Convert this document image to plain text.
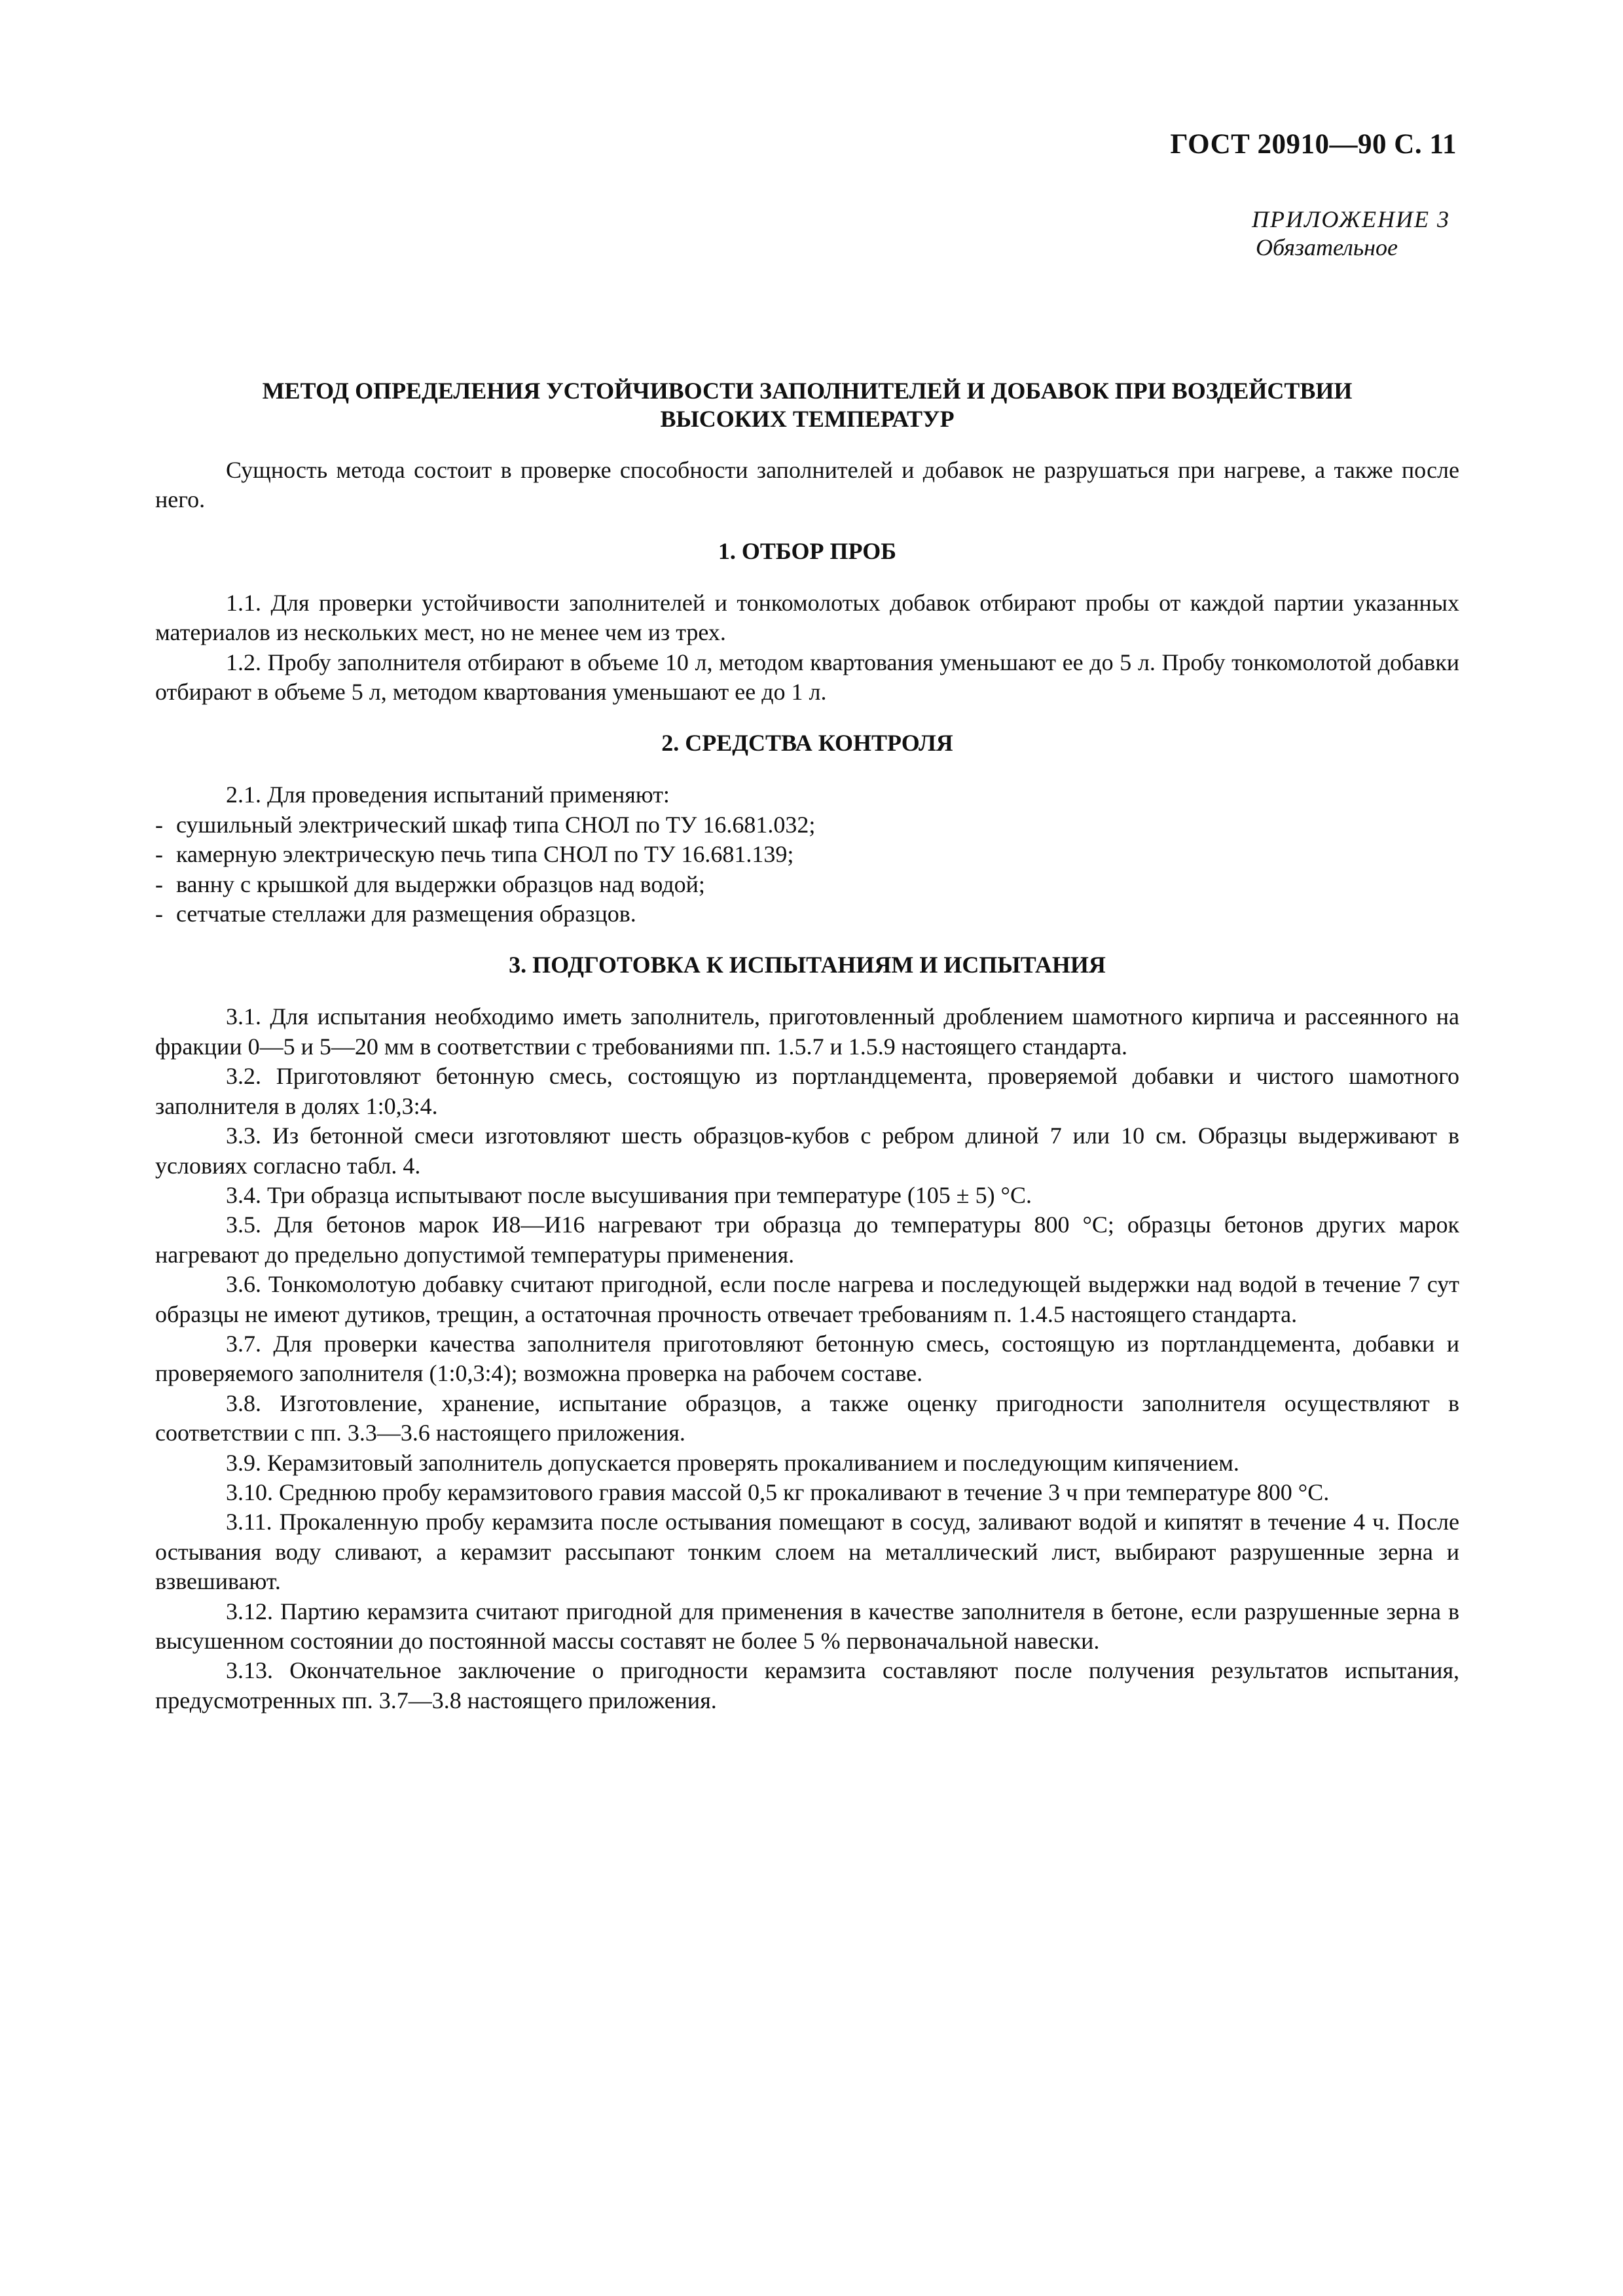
ГОСТ 20910—90 С. 11
ПРИЛОЖЕНИЕ 3
Обязательное
МЕТОД ОПРЕДЕЛЕНИЯ УСТОЙЧИВОСТИ ЗАПОЛНИТЕЛЕЙ И ДОБАВОК ПРИ ВОЗДЕЙСТВИИ
ВЫСОКИХ ТЕМПЕРАТУР

Сущность метода состоит в проверке способности заполнителей и добавок не разрушаться при нагреве, а также после него.

1. ОТБОР ПРОБ

1.1. Для проверки устойчивости заполнителей и тонкомолотых добавок отбирают пробы от каждой партии указанных материалов из нескольких мест, но не менее чем из трех.

1.2. Пробу заполнителя отбирают в объеме 10 л, методом квартования уменьшают ее до 5 л. Пробу тонкомолотой добавки отбирают в объеме 5 л, методом квартования уменьшают ее до 1 л.

2. СРЕДСТВА КОНТРОЛЯ

2.1. Для проведения испытаний применяют:

- сушильный электрический шкаф типа СНОЛ по ТУ 16.681.032;
- камерную электрическую печь типа СНОЛ по ТУ 16.681.139;
- ванну с крышкой для выдержки образцов над водой;
- сетчатые стеллажи для размещения образцов.
3. ПОДГОТОВКА К ИСПЫТАНИЯМ И ИСПЫТАНИЯ

3.1. Для испытания необходимо иметь заполнитель, приготовленный дроблением шамотного кирпича и рассеянного на фракции 0—5 и 5—20 мм в соответствии с требованиями пп. 1.5.7 и 1.5.9 настоящего стандарта.

3.2. Приготовляют бетонную смесь, состоящую из портландцемента, проверяемой добавки и чистого шамотного заполнителя в долях 1:0,3:4.

3.3. Из бетонной смеси изготовляют шесть образцов-кубов с ребром длиной 7 или 10 см. Образцы выдерживают в условиях согласно табл. 4.

3.4. Три образца испытывают после высушивания при температуре (105 ± 5) °С.

3.5. Для бетонов марок И8—И16 нагревают три образца до температуры 800 °С; образцы бетонов других марок нагревают до предельно допустимой температуры применения.

3.6. Тонкомолотую добавку считают пригодной, если после нагрева и последующей выдержки над водой в течение 7 сут образцы не имеют дутиков, трещин, а остаточная прочность отвечает требованиям п. 1.4.5 настоящего стандарта.

3.7. Для проверки качества заполнителя приготовляют бетонную смесь, состоящую из портландцемента, добавки и проверяемого заполнителя (1:0,3:4); возможна проверка на рабочем составе.

3.8. Изготовление, хранение, испытание образцов, а также оценку пригодности заполнителя осуществляют в соответствии с пп. 3.3—3.6 настоящего приложения.

3.9. Керамзитовый заполнитель допускается проверять прокаливанием и последующим кипячением.

3.10. Среднюю пробу керамзитового гравия массой 0,5 кг прокаливают в течение 3 ч при температуре 800 °С.

3.11. Прокаленную пробу керамзита после остывания помещают в сосуд, заливают водой и кипятят в течение 4 ч. После остывания воду сливают, а керамзит рассыпают тонким слоем на металлический лист, выбирают разрушенные зерна и взвешивают.

3.12. Партию керамзита считают пригодной для применения в качестве заполнителя в бетоне, если разрушенные зерна в высушенном состоянии до постоянной массы составят не более 5 % первоначальной навески.

3.13. Окончательное заключение о пригодности керамзита составляют после получения результатов испытания, предусмотренных пп. 3.7—3.8 настоящего приложения.
